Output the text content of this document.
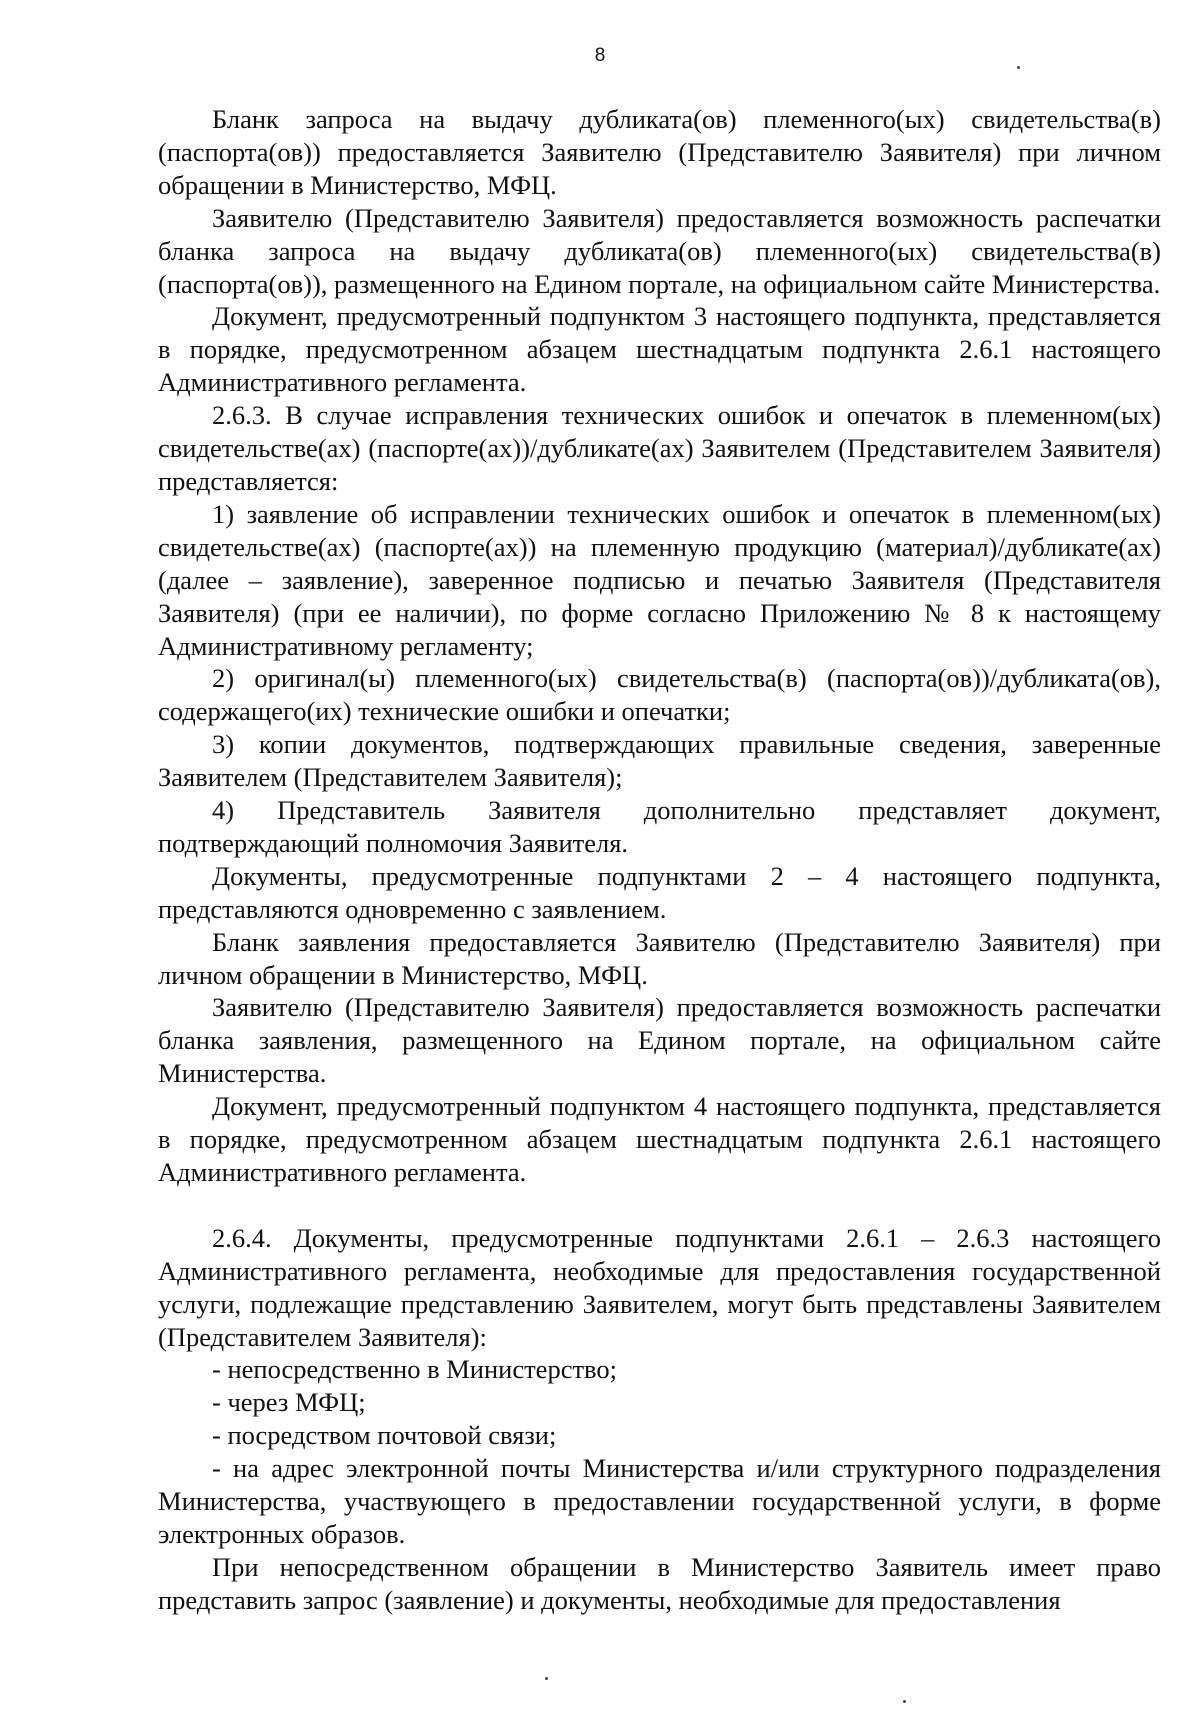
8

Бланк запроса на выдачу дубликата(ов) племенного(ых) свидетельства(в) (паспорта(ов)) предоставляется Заявителю (Представителю Заявителя) при личном обращении в Министерство, МФЦ.

Заявителю (Представителю Заявителя) предоставляется возможность распечатки бланка запроса на выдачу дубликата(ов) племенного(ых) свидетельства(в) (паспорта(ов)), размещенного на Едином портале, на официальном сайте Министерства.

Документ, предусмотренный подпунктом 3 настоящего подпункта, представляется в порядке, предусмотренном абзацем шестнадцатым подпункта 2.6.1 настоящего Административного регламента.

2.6.3. В случае исправления технических ошибок и опечаток в племенном(ых) свидетельстве(ах) (паспорте(ах))/дубликате(ах) Заявителем (Представителем Заявителя) представляется:

1) заявление об исправлении технических ошибок и опечаток в племенном(ых) свидетельстве(ах) (паспорте(ах)) на племенную продукцию (материал)/дубликате(ах) (далее – заявление), заверенное подписью и печатью Заявителя (Представителя Заявителя) (при ее наличии), по форме согласно Приложению № 8 к настоящему Административному регламенту;

2) оригинал(ы) племенного(ых) свидетельства(в) (паспорта(ов))/дубликата(ов), содержащего(их) технические ошибки и опечатки;

3) копии документов, подтверждающих правильные сведения, заверенные Заявителем (Представителем Заявителя);

4) Представитель Заявителя дополнительно представляет документ, подтверждающий полномочия Заявителя.

Документы, предусмотренные подпунктами 2 – 4 настоящего подпункта, представляются одновременно с заявлением.

Бланк заявления предоставляется Заявителю (Представителю Заявителя) при личном обращении в Министерство, МФЦ.

Заявителю (Представителю Заявителя) предоставляется возможность распечатки бланка заявления, размещенного на Едином портале, на официальном сайте Министерства.

Документ, предусмотренный подпунктом 4 настоящего подпункта, представляется в порядке, предусмотренном абзацем шестнадцатым подпункта 2.6.1 настоящего Административного регламента.

2.6.4. Документы, предусмотренные подпунктами 2.6.1 – 2.6.3 настоящего Административного регламента, необходимые для предоставления государственной услуги, подлежащие представлению Заявителем, могут быть представлены Заявителем (Представителем Заявителя):

- непосредственно в Министерство;

- через МФЦ;

- посредством почтовой связи;

- на адрес электронной почты Министерства и/или структурного подразделения Министерства, участвующего в предоставлении государственной услуги, в форме электронных образов.

При непосредственном обращении в Министерство Заявитель имеет право представить запрос (заявление) и документы, необходимые для предоставления
